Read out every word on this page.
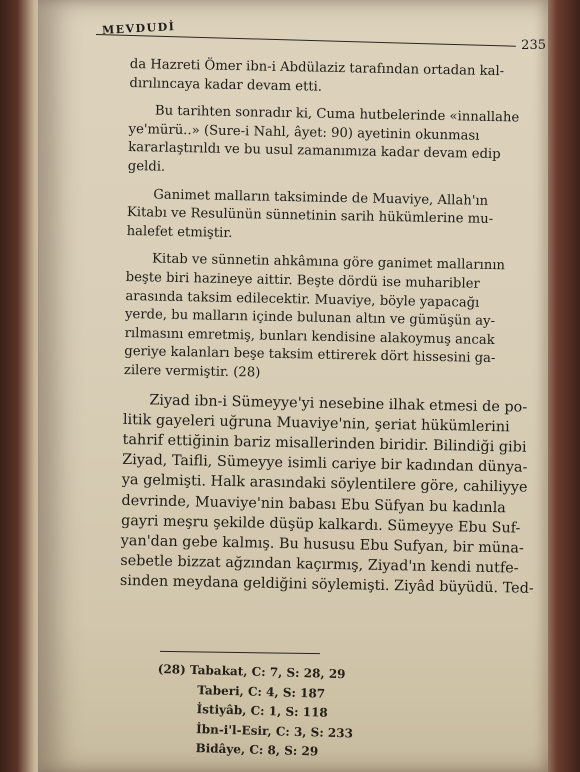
MEVDUDİ
235

da Hazreti Ömer ibn-i Abdülaziz tarafından ortadan kal-
dırılıncaya kadar devam etti.

Bu tarihten sonradır ki, Cuma hutbelerinde «innallahe
ye'mürü..» (Sure-i Nahl, âyet: 90) ayetinin okunması
kararlaştırıldı ve bu usul zamanımıza kadar devam edip
geldi.

Ganimet malların taksiminde de Muaviye, Allah'ın
Kitabı ve Resulünün sünnetinin sarih hükümlerine mu-
halefet etmiştir.

Kitab ve sünnetin ahkâmına göre ganimet mallarının
beşte biri hazineye aittir. Beşte dördü ise muharibler
arasında taksim edilecektir. Muaviye, böyle yapacağı
yerde, bu malların içinde bulunan altın ve gümüşün ay-
rılmasını emretmiş, bunları kendisine alakoymuş ancak
geriye kalanları beşe taksim ettirerek dört hissesini ga-
zilere vermiştir. (28)

Ziyad ibn-i Sümeyye'yi nesebine ilhak etmesi de po-
litik gayeleri uğruna Muaviye'nin, şeriat hükümlerini
tahrif ettiğinin bariz misallerinden biridir. Bilindiği gibi
Ziyad, Taifli, Sümeyye isimli cariye bir kadından dünya-
ya gelmişti. Halk arasındaki söylentilere göre, cahiliyye
devrinde, Muaviye'nin babası Ebu Süfyan bu kadınla
gayri meşru şekilde düşüp kalkardı. Sümeyye Ebu Suf-
yan'dan gebe kalmış. Bu hususu Ebu Sufyan, bir müna-
sebetle bizzat ağzından kaçırmış, Ziyad'ın kendi nutfe-
sinden meydana geldiğini söylemişti. Ziyâd büyüdü. Ted-

(28) Tabakat, C: 7, S: 28, 29
Taberi, C: 4, S: 187
İstiyâb, C: 1, S: 118
İbn-i'l-Esir, C: 3, S: 233
Bidâye, C: 8, S: 29
